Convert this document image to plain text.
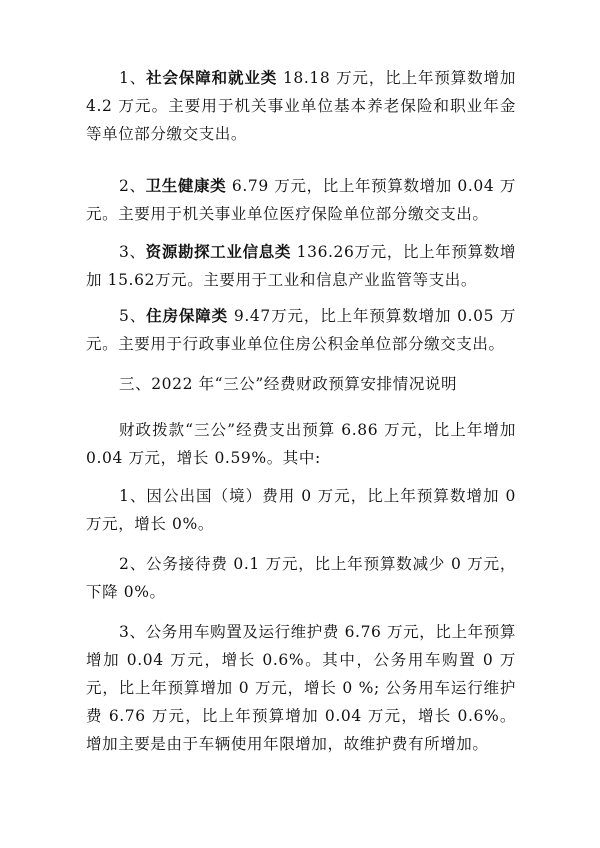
1、社会保障和就业类 18.18 万元，比上年预算数增加 4.2 万元。主要用于机关事业单位基本养老保险和职业年金等单位部分缴交支出。

2、卫生健康类 6.79 万元，比上年预算数增加 0.04 万元。主要用于机关事业单位医疗保险单位部分缴交支出。

3、资源勘探工业信息类 136.26万元，比上年预算数增加 15.62万元。主要用于工业和信息产业监管等支出。

5、住房保障类 9.47万元，比上年预算数增加 0.05 万元。主要用于行政事业单位住房公积金单位部分缴交支出。

三、2022 年“三公”经费财政预算安排情况说明

财政拨款“三公”经费支出预算 6.86 万元，比上年增加 0.04 万元，增长 0.59%。其中:

1、因公出国（境）费用 0 万元，比上年预算数增加 0 万元，增长 0%。

2、公务接待费 0.1 万元，比上年预算数减少 0 万元，下降 0%。

3、公务用车购置及运行维护费 6.76 万元，比上年预算增加 0.04 万元，增长 0.6%。其中，公务用车购置 0 万元，比上年预算增加 0 万元，增长 0 %; 公务用车运行维护费 6.76 万元，比上年预算增加 0.04 万元，增长 0.6%。增加主要是由于车辆使用年限增加，故维护费有所增加。
